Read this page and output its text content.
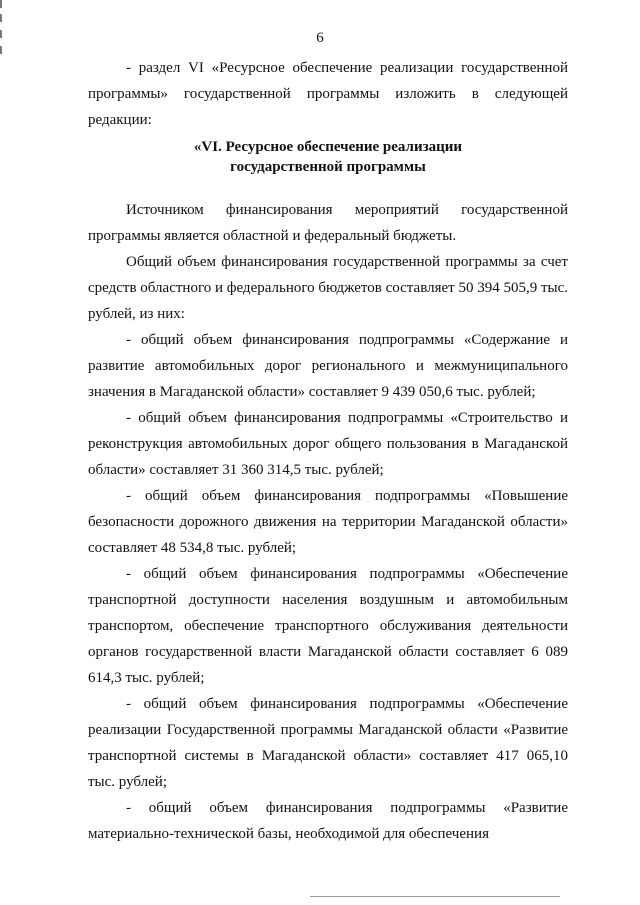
6

- раздел VI «Ресурсное обеспечение реализации государственной программы» государственной программы изложить в следующей редакции:

«VI. Ресурсное обеспечение реализации
государственной программы

Источником финансирования мероприятий государственной программы является областной и федеральный бюджеты.

Общий объем финансирования государственной программы за счет средств областного и федерального бюджетов составляет 50 394 505,9 тыс. рублей, из них:

- общий объем финансирования подпрограммы «Содержание и развитие автомобильных дорог регионального и межмуниципального значения в Магаданской области» составляет 9 439 050,6 тыс. рублей;

- общий объем финансирования подпрограммы «Строительство и реконструкция автомобильных дорог общего пользования в Магаданской области» составляет 31 360 314,5 тыс. рублей;

- общий объем финансирования подпрограммы «Повышение безопасности дорожного движения на территории Магаданской области» составляет 48 534,8 тыс. рублей;

- общий объем финансирования подпрограммы «Обеспечение транспортной доступности населения воздушным и автомобильным транспортом, обеспечение транспортного обслуживания деятельности органов государственной власти Магаданской области составляет 6 089 614,3 тыс. рублей;

- общий объем финансирования подпрограммы «Обеспечение реализации Государственной программы Магаданской области «Развитие транспортной системы в Магаданской области» составляет 417 065,10 тыс. рублей;

- общий объем финансирования подпрограммы «Развитие материально-технической базы, необходимой для обеспечения
